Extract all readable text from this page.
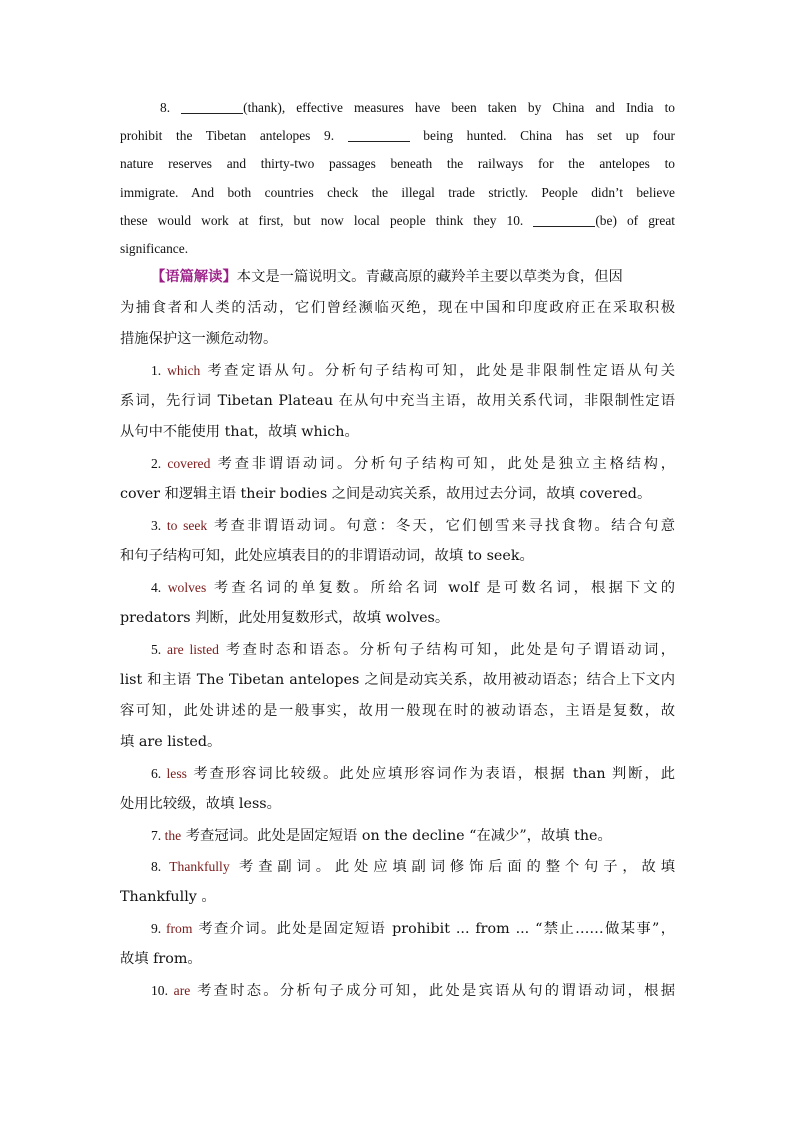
8.	(thank), effective measures have been taken by China and India to
prohibit the Tibetan antelopes 9.	being hunted. China has set up four
nature reserves and thirty-two passages beneath the railways for the antelopes to
immigrate. And both countries check the illegal trade strictly. People didn’t believe
these would work at first, but now local people think they 10.	(be) of great
significance.
【语篇解读】本文是一篇说明文。青藏高原的藏羚羊主要以草类为食，但因
为捕食者和人类的活动，它们曾经濒临灭绝，现在中国和印度政府正在采取积极
措施保护这一濒危动物。
1. which 考查定语从句。分析句子结构可知，此处是非限制性定语从句关
系词，先行词 Tibetan Plateau 在从句中充当主语，故用关系代词，非限制性定语
从句中不能使用 that，故填 which。
2. covered 考查非谓语动词。分析句子结构可知，此处是独立主格结构，
cover 和逻辑主语 their bodies 之间是动宾关系，故用过去分词，故填 covered。
3. to seek 考查非谓语动词。句意：冬天，它们刨雪来寻找食物。结合句意
和句子结构可知，此处应填表目的的非谓语动词，故填 to seek。
4. wolves 考查名词的单复数。所给名词 wolf 是可数名词，根据下文的
predators 判断，此处用复数形式，故填 wolves。
5. are listed 考查时态和语态。分析句子结构可知，此处是句子谓语动词，
list 和主语 The Tibetan antelopes 之间是动宾关系，故用被动语态；结合上下文内
容可知，此处讲述的是一般事实，故用一般现在时的被动语态，主语是复数，故
填 are listed。
6. less 考查形容词比较级。此处应填形容词作为表语，根据 than 判断，此
处用比较级，故填 less。
7. the 考查冠词。此处是固定短语 on the decline “在减少”，故填 the。
8. Thankfully 考查副词。此处应填副词修饰后面的整个句子，故填
Thankfully 。
9. from 考查介词。此处是固定短语 prohibit ... from ... “禁止……做某事”，
故填 from。
10. are 考查时态。分析句子成分可知，此处是宾语从句的谓语动词，根据
